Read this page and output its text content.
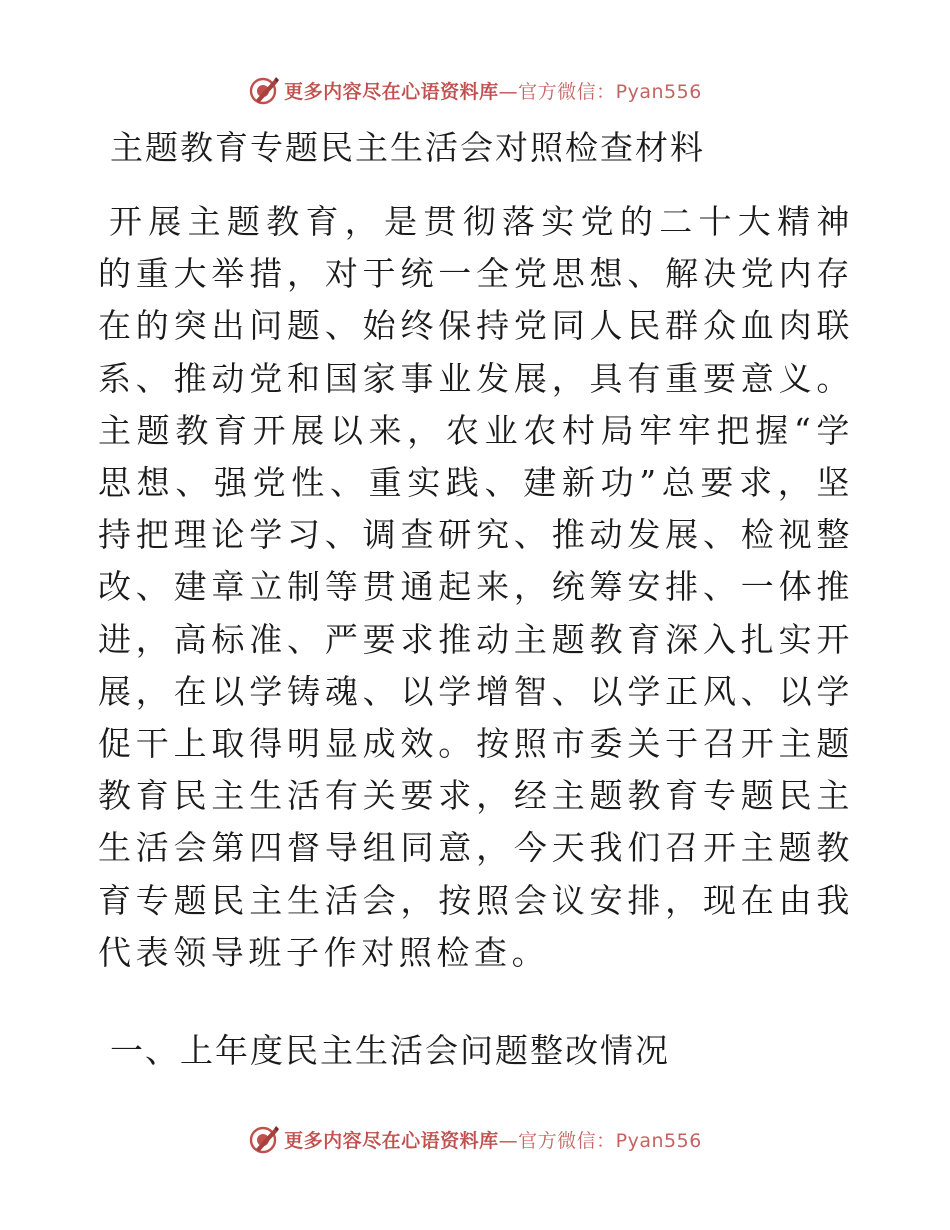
更多内容尽在心语资料库—官方微信：Pyan556
主题教育专题民主生活会对照检查材料

开展主题教育，是贯彻落实党的二十大精神的重大举措，对于统一全党思想、解决党内存在的突出问题、始终保持党同人民群众血肉联系、推动党和国家事业发展，具有重要意义。主题教育开展以来，农业农村局牢牢把握“学思想、强党性、重实践、建新功”总要求，坚持把理论学习、调查研究、推动发展、检视整改、建章立制等贯通起来，统筹安排、一体推进，高标准、严要求推动主题教育深入扎实开展，在以学铸魂、以学增智、以学正风、以学促干上取得明显成效。按照市委关于召开主题教育民主生活有关要求，经主题教育专题民主生活会第四督导组同意，今天我们召开主题教育专题民主生活会，按照会议安排，现在由我代表领导班子作对照检查。

一、上年度民主生活会问题整改情况
更多内容尽在心语资料库—官方微信：Pyan556
